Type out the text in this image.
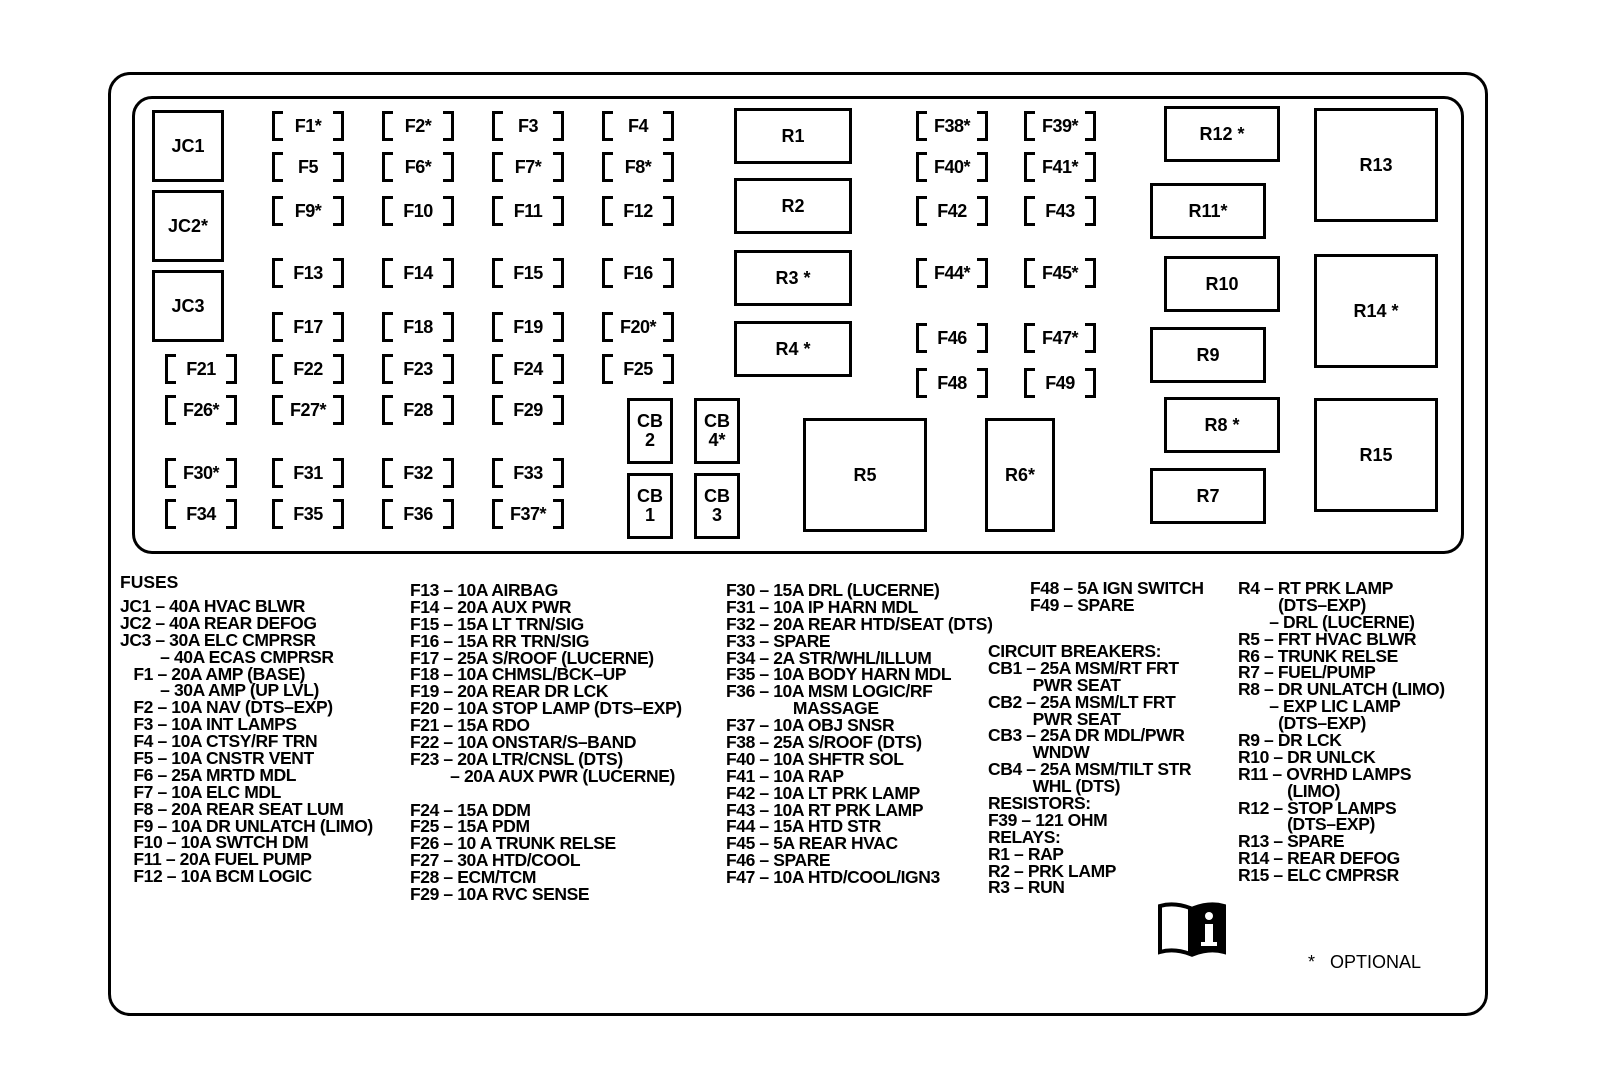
JC1
JC2*
JC3
F1*	F2*	F3	F4
F5	F6*	F7*	F8*
F9*	F10	F11	F12
F13	F14	F15	F16
F17	F18	F19	F20*
F21	F22	F23	F24	F25
F26*	F27*	F28	F29
F30*	F31	F32	F33
F34	F35	F36	F37*
F38*	F39*
F40*	F41*
F42	F43
F44*	F45*
F46	F47*
F48	F49
CB
2
CB
4*
CB
1
CB
3
R1
R2
R3 *
R4 *
R5	R6*
R12 *
R11*
R10
R9
R8 *
R7
R13
R14 *
R15
FUSES
JC1 – 40A HVAC BLWR
JC2 – 40A REAR DEFOG
JC3 – 30A ELC CMPRSR
– 40A ECAS CMPRSR
F1 – 20A AMP (BASE)
– 30A AMP (UP LVL)
F2 – 10A NAV (DTS–EXP)
F3 – 10A INT LAMPS
F4 – 10A CTSY/RF TRN
F5 – 10A CNSTR VENT
F6 – 25A MRTD MDL
F7 – 10A ELC MDL
F8 – 20A REAR SEAT LUM
F9 – 10A DR UNLATCH (LIMO)
F10 – 10A SWTCH DM
F11 – 20A FUEL PUMP
F12 – 10A BCM LOGIC
F13 – 10A AIRBAG
F14 – 20A AUX PWR
F15 – 15A LT TRN/SIG
F16 – 15A RR TRN/SIG
F17 – 25A S/ROOF (LUCERNE)
F18 – 10A CHMSL/BCK–UP
F19 – 20A REAR DR LCK
F20 – 10A STOP LAMP (DTS–EXP)
F21 – 15A RDO
F22 – 10A ONSTAR/S–BAND
F23 – 20A LTR/CNSL (DTS)
– 20A AUX PWR (LUCERNE)
F24 – 15A DDM
F25 – 15A PDM
F26 – 10 A TRUNK RELSE
F27 – 30A HTD/COOL
F28 – ECM/TCM
F29 – 10A RVC SENSE
F30 – 15A DRL (LUCERNE)
F31 – 10A IP HARN MDL
F32 – 20A REAR HTD/SEAT (DTS)
F33 – SPARE
F34 – 2A STR/WHL/ILLUM
F35 – 10A BODY HARN MDL
F36 – 10A MSM LOGIC/RF
MASSAGE
F37 – 10A OBJ SNSR
F38 – 25A S/ROOF (DTS)
F40 – 10A SHFTR SOL
F41 – 10A RAP
F42 – 10A LT PRK LAMP
F43 – 10A RT PRK LAMP
F44 – 15A HTD STR
F45 – 5A REAR HVAC
F46 – SPARE
F47 – 10A HTD/COOL/IGN3
F48 – 5A IGN SWITCH
F49 – SPARE
CIRCUIT BREAKERS:
CB1 – 25A MSM/RT FRT
PWR SEAT
CB2 – 25A MSM/LT FRT
PWR SEAT
CB3 – 25A DR MDL/PWR
WNDW
CB4 – 25A MSM/TILT STR
WHL (DTS)
RESISTORS:
F39 – 121 OHM
RELAYS:
R1 – RAP
R2 – PRK LAMP
R3 – RUN
R4 – RT PRK LAMP
(DTS–EXP)
– DRL (LUCERNE)
R5 – FRT HVAC BLWR
R6 – TRUNK RELSE
R7 – FUEL/PUMP
R8 – DR UNLATCH (LIMO)
– EXP LIC LAMP
(DTS–EXP)
R9 – DR LCK
R10 – DR UNLCK
R11 – OVRHD LAMPS
(LIMO)
R12 – STOP LAMPS
(DTS–EXP)
R13 – SPARE
R14 – REAR DEFOG
R15 – ELC CMPRSR
*   OPTIONAL
